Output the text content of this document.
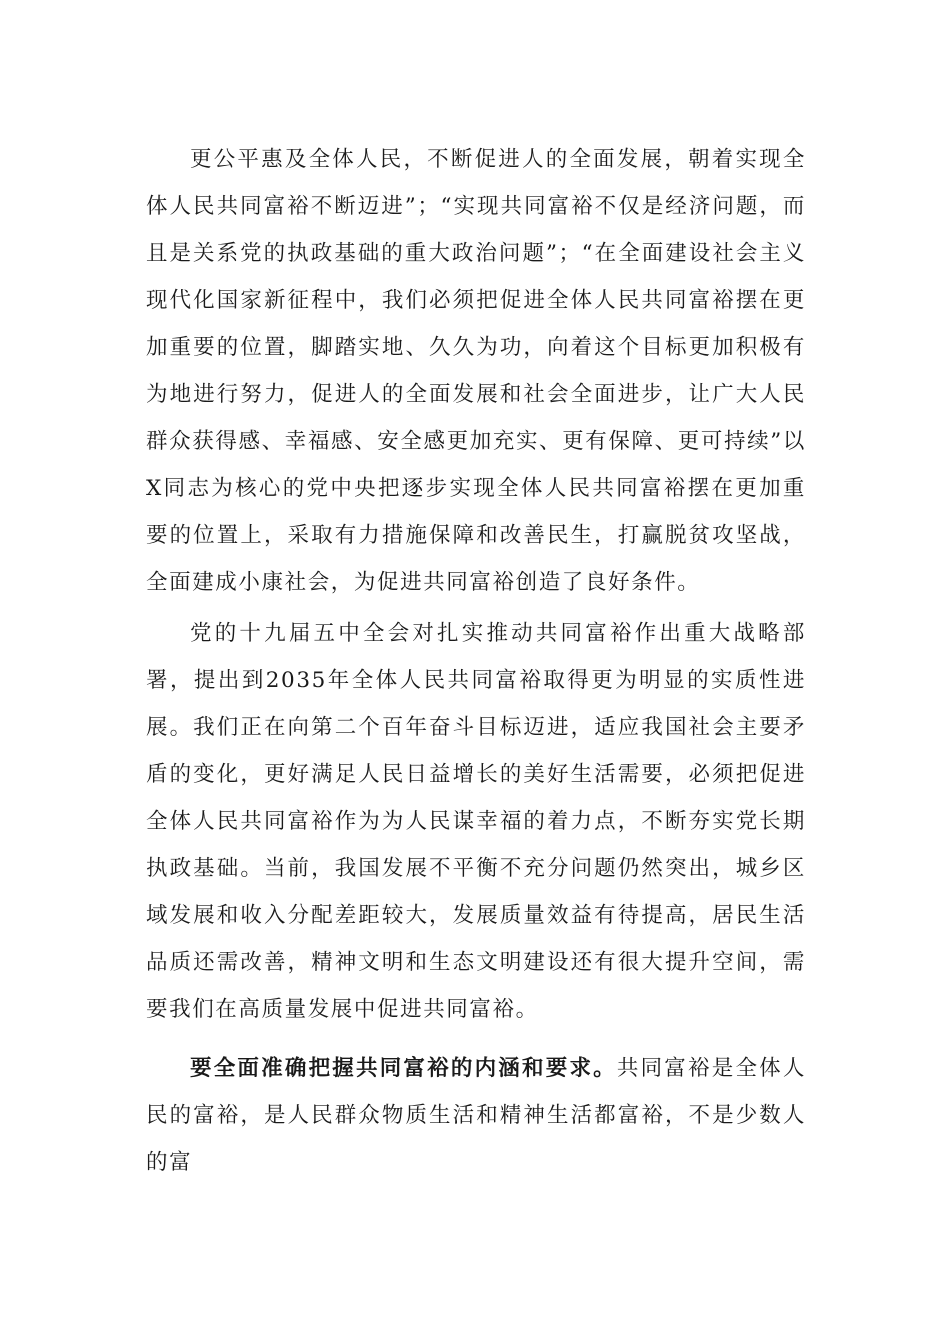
更公平惠及全体人民，不断促进人的全面发展，朝着实现全体人民共同富裕不断迈进”；“实现共同富裕不仅是经济问题，而且是关系党的执政基础的重大政治问题”；“在全面建设社会主义现代化国家新征程中，我们必须把促进全体人民共同富裕摆在更加重要的位置，脚踏实地、久久为功，向着这个目标更加积极有为地进行努力，促进人的全面发展和社会全面进步，让广大人民群众获得感、幸福感、安全感更加充实、更有保障、更可持续”以X同志为核心的党中央把逐步实现全体人民共同富裕摆在更加重要的位置上，采取有力措施保障和改善民生，打赢脱贫攻坚战，全面建成小康社会，为促进共同富裕创造了良好条件。

党的十九届五中全会对扎实推动共同富裕作出重大战略部署，提出到2035年全体人民共同富裕取得更为明显的实质性进展。我们正在向第二个百年奋斗目标迈进，适应我国社会主要矛盾的变化，更好满足人民日益增长的美好生活需要，必须把促进全体人民共同富裕作为为人民谋幸福的着力点，不断夯实党长期执政基础。当前，我国发展不平衡不充分问题仍然突出，城乡区域发展和收入分配差距较大，发展质量效益有待提高，居民生活品质还需改善，精神文明和生态文明建设还有很大提升空间，需要我们在高质量发展中促进共同富裕。

要全面准确把握共同富裕的内涵和要求。共同富裕是全体人民的富裕，是人民群众物质生活和精神生活都富裕，不是少数人的富
